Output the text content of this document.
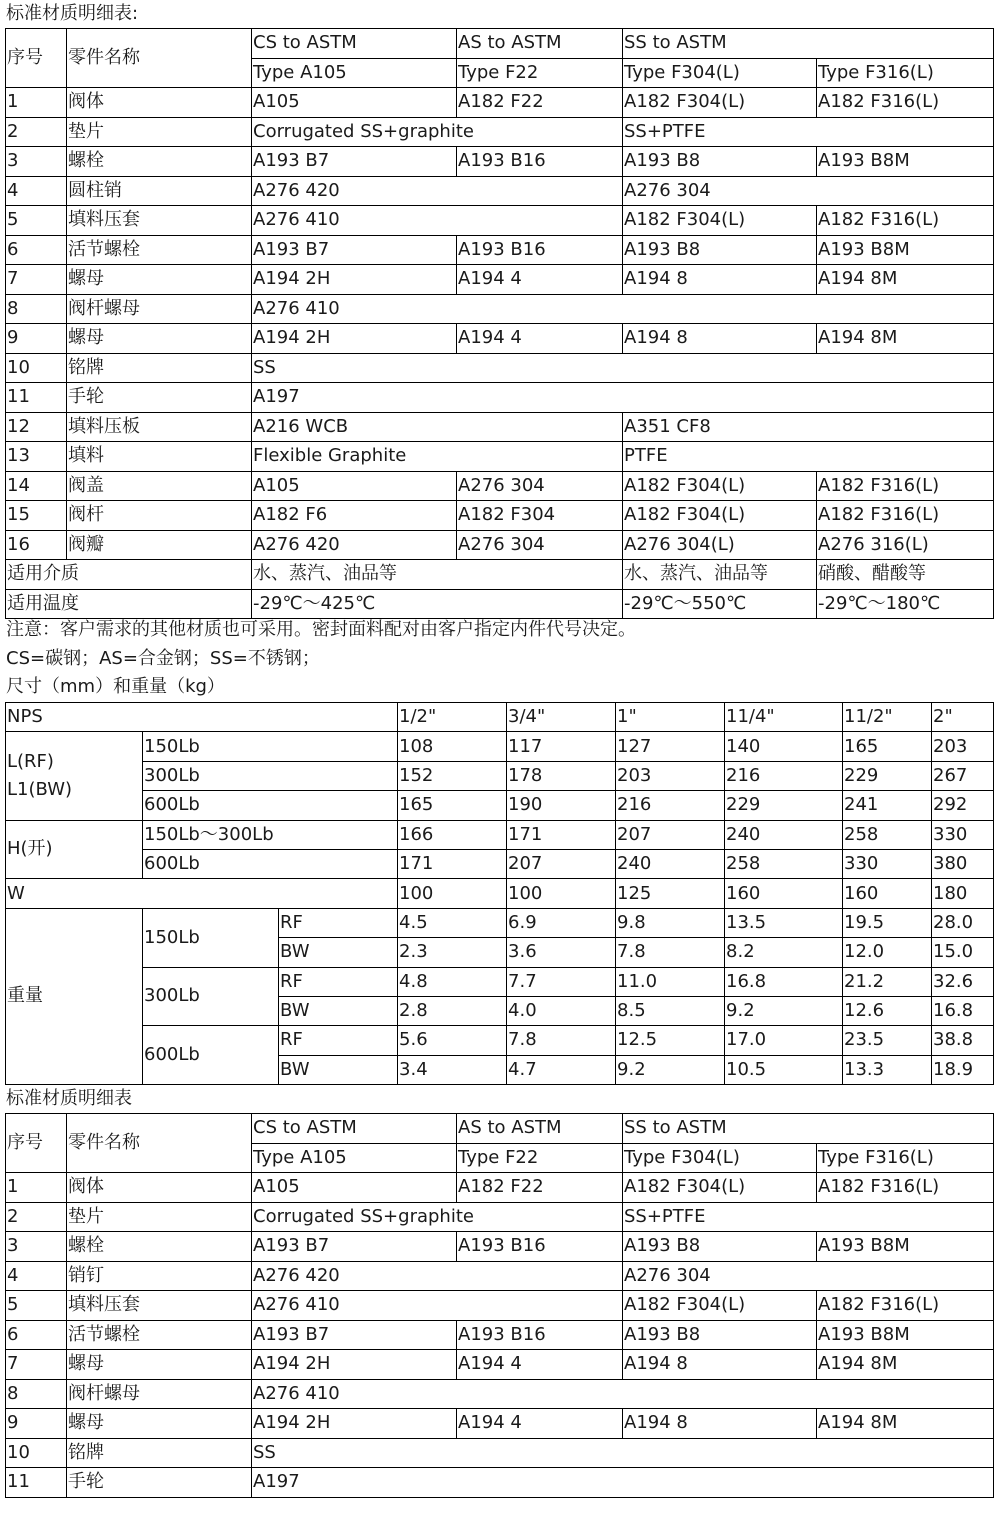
标准材质明细表:
序号	零件名称	CS to ASTM	AS to ASTM	SS to ASTM	
		Type A105	Type F22	Type F304(L)	Type F316(L)
1	阀体	A105	A182 F22	A182 F304(L)	A182 F316(L)
2	垫片	Corrugated SS+graphite		SS+PTFE	
3	螺栓	A193 B7	A193 B16	A193 B8	A193 B8M
4	圆柱销	A276 420		A276 304	
5	填料压套	A276 410		A182 F304(L)	A182 F316(L)
6	活节螺栓	A193 B7	A193 B16	A193 B8	A193 B8M
7	螺母	A194 2H	A194 4	A194 8	A194 8M
8	阀杆螺母	A276 410			
9	螺母	A194 2H	A194 4	A194 8	A194 8M
10	铭牌	SS			
11	手轮	A197			
12	填料压板	A216 WCB		A351 CF8	
13	填料	Flexible Graphite		PTFE	
14	阀盖	A105	A276 304	A182 F304(L)	A182 F316(L)
15	阀杆	A182 F6	A182 F304	A182 F304(L)	A182 F316(L)
16	阀瓣	A276 420	A276 304	A276 304(L)	A276 316(L)
适用介质		水、蒸汽、油品等		水、蒸汽、油品等	硝酸、醋酸等
适用温度		-29℃～425℃		-29℃～550℃	-29℃～180℃
注意：客户需求的其他材质也可采用。密封面料配对由客户指定内件代号决定。
CS=碳钢；AS=合金钢；SS=不锈钢；
尺寸（mm）和重量（kg）
NPS			1/2"	3/4"	1"	11/4"	11/2"	2"

L(RF)
L1(BW)	150Lb		108	117	127	140	165	203
	300Lb		152	178	203	216	229	267
	600Lb		165	190	216	229	241	292
H(开)	150Lb～300Lb		166	171	207	240	258	330
	600Lb		171	207	240	258	330	380
W			100	100	125	160	160	180
重量	150Lb	RF	4.5	6.9	9.8	13.5	19.5	28.0
		BW	2.3	3.6	7.8	8.2	12.0	15.0
	300Lb	RF	4.8	7.7	11.0	16.8	21.2	32.6
		BW	2.8	4.0	8.5	9.2	12.6	16.8
	600Lb	RF	5.6	7.8	12.5	17.0	23.5	38.8
		BW	3.4	4.7	9.2	10.5	13.3	18.9
标准材质明细表
序号	零件名称	CS to ASTM	AS to ASTM	SS to ASTM	
		Type A105	Type F22	Type F304(L)	Type F316(L)
1	阀体	A105	A182 F22	A182 F304(L)	A182 F316(L)
2	垫片	Corrugated SS+graphite		SS+PTFE	
3	螺栓	A193 B7	A193 B16	A193 B8	A193 B8M
4	销钉	A276 420		A276 304	
5	填料压套	A276 410		A182 F304(L)	A182 F316(L)
6	活节螺栓	A193 B7	A193 B16	A193 B8	A193 B8M
7	螺母	A194 2H	A194 4	A194 8	A194 8M
8	阀杆螺母	A276 410			
9	螺母	A194 2H	A194 4	A194 8	A194 8M
10	铭牌	SS			
11	手轮	A197			
